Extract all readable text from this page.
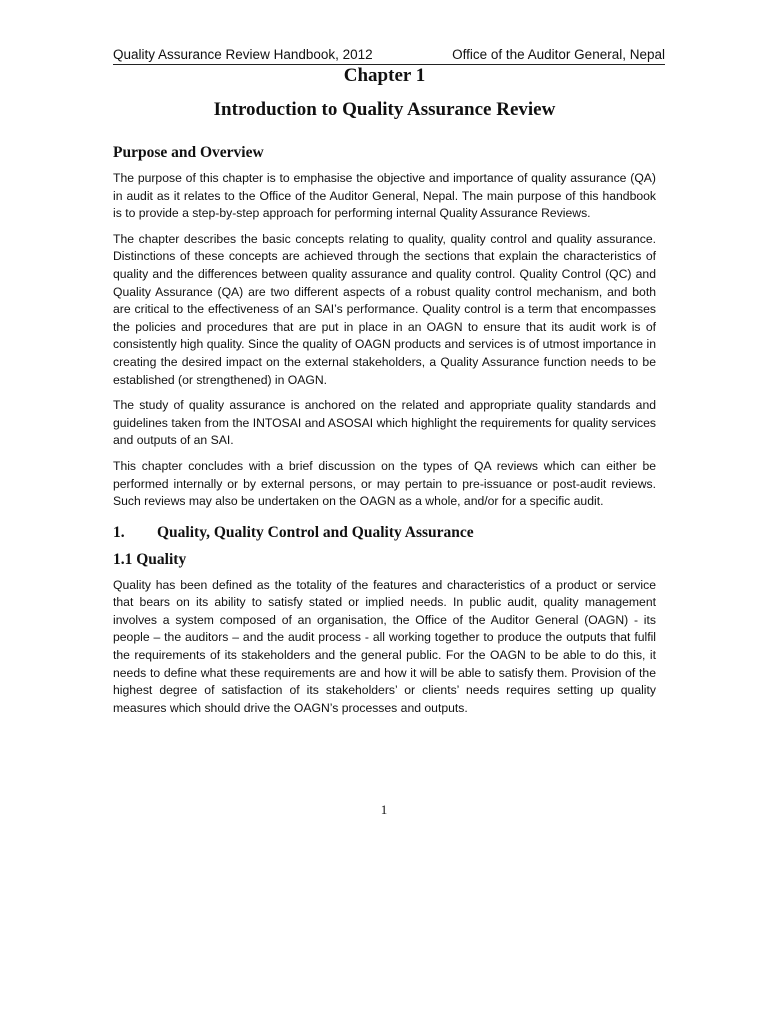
Quality Assurance Review Handbook, 2012	Office of the Auditor General, Nepal
Chapter 1
Introduction to Quality Assurance Review
Purpose and Overview

The purpose of this chapter is to emphasise the objective and importance of quality assurance (QA) in audit as it relates to the Office of the Auditor General, Nepal. The main purpose of this handbook is to provide a step-by-step approach for performing internal Quality Assurance Reviews.

The chapter describes the basic concepts relating to quality, quality control and quality assurance. Distinctions of these concepts are achieved through the sections that explain the characteristics of quality and the differences between quality assurance and quality control. Quality Control (QC) and Quality Assurance (QA) are two different aspects of a robust quality control mechanism, and both are critical to the effectiveness of an SAI’s performance. Quality control is a term that encompasses the policies and procedures that are put in place in an OAGN to ensure that its audit work is of consistently high quality. Since the quality of OAGN products and services is of utmost importance in creating the desired impact on the external stakeholders, a Quality Assurance function needs to be established (or strengthened) in OAGN.

The study of quality assurance is anchored on the related and appropriate quality standards and guidelines taken from the INTOSAI and ASOSAI which highlight the requirements for quality services and outputs of an SAI.

This chapter concludes with a brief discussion on the types of QA reviews which can either be performed internally or by external persons, or may pertain to pre-issuance or post-audit reviews. Such reviews may also be undertaken on the OAGN as a whole, and/or for a specific audit.

1.	Quality, Quality Control and Quality Assurance
1.1 Quality

Quality has been defined as the totality of the features and characteristics of a product or service that bears on its ability to satisfy stated or implied needs. In public audit, quality management involves a system composed of an organisation, the Office of the Auditor General (OAGN) - its people – the auditors – and the audit process - all working together to produce the outputs that fulfil the requirements of its stakeholders and the general public. For the OAGN to be able to do this, it needs to define what these requirements are and how it will be able to satisfy them. Provision of the highest degree of satisfaction of its stakeholders’ or clients’ needs requires setting up quality measures which should drive the OAGN’s processes and outputs.

1
